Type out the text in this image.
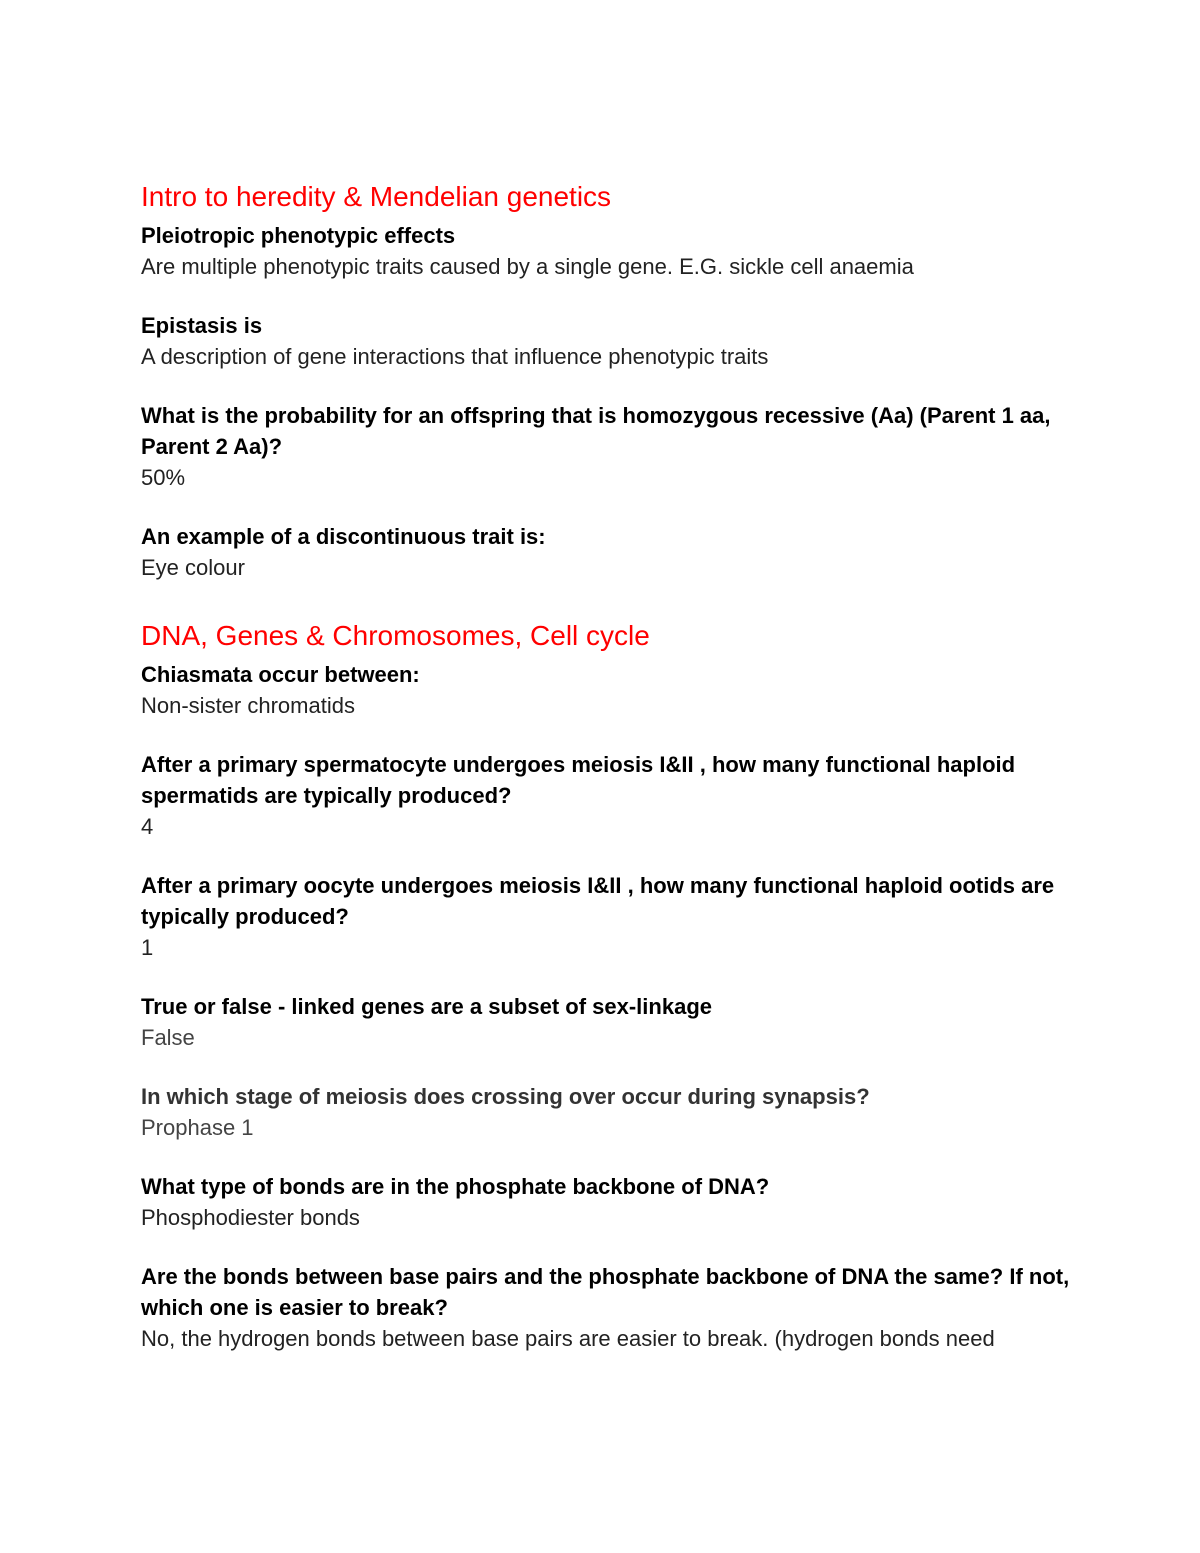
Intro to heredity & Mendelian genetics

Pleiotropic phenotypic effects

Are multiple phenotypic traits caused by a single gene. E.G. sickle cell anaemia

Epistasis is

A description of gene interactions that influence phenotypic traits

What is the probability for an offspring that is homozygous recessive (Aa) (Parent 1 aa, Parent 2 Aa)?

50%

An example of a discontinuous trait is:

Eye colour

DNA, Genes & Chromosomes, Cell cycle

Chiasmata occur between:

Non-sister chromatids

After a primary spermatocyte undergoes meiosis I&II , how many functional haploid spermatids are typically produced?

4

After a primary oocyte undergoes meiosis I&II , how many functional haploid ootids are typically produced?

1

True or false - linked genes are a subset of sex-linkage

False

In which stage of meiosis does crossing over occur during synapsis?

Prophase 1

What type of bonds are in the phosphate backbone of DNA?

Phosphodiester bonds

Are the bonds between base pairs and the phosphate backbone of DNA the same? If not, which one is easier to break?

No, the hydrogen bonds between base pairs are easier to break. (hydrogen bonds need
